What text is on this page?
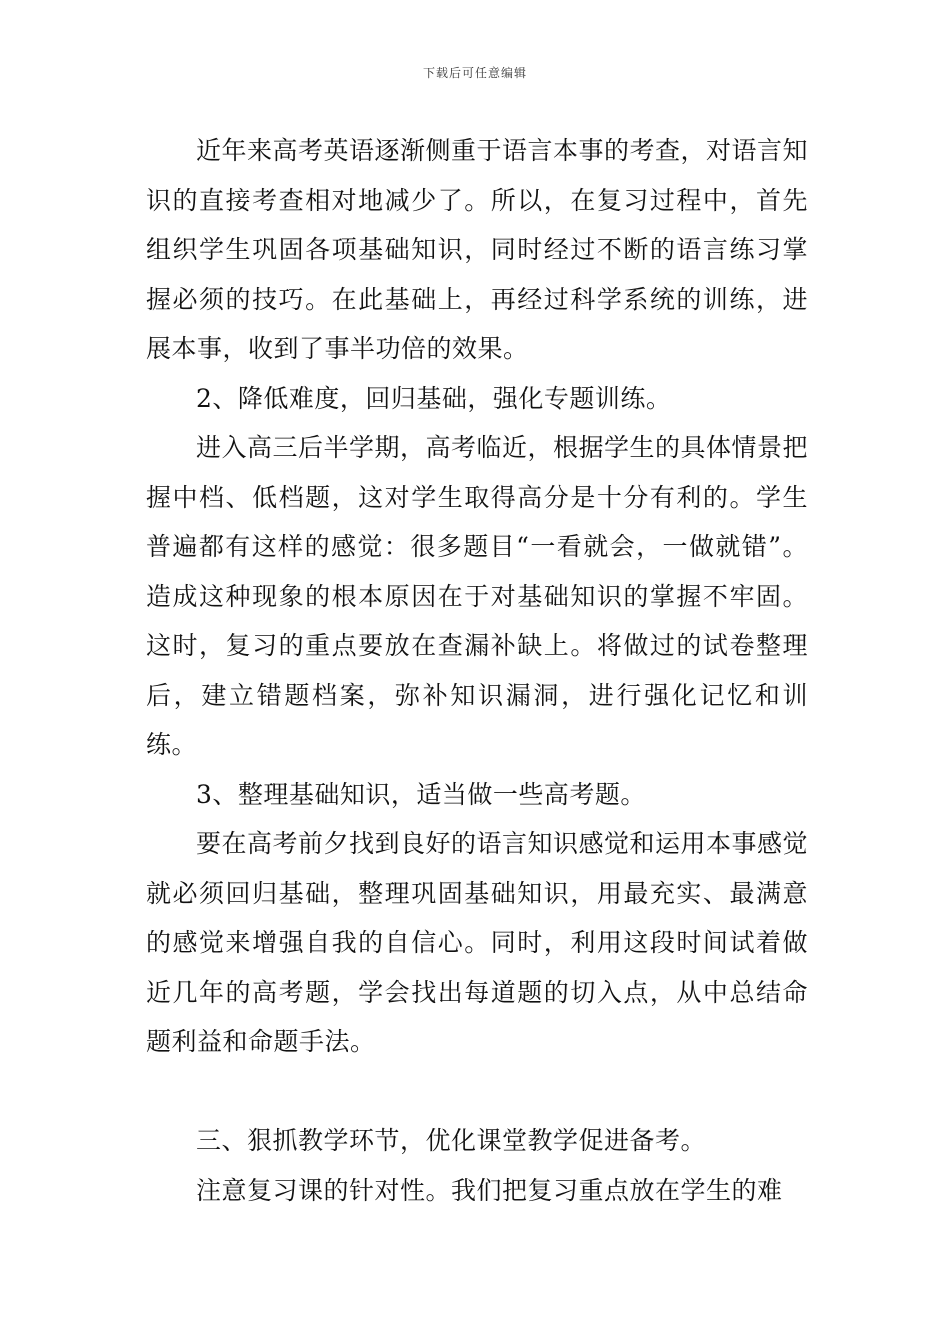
下载后可任意编辑

近年来高考英语逐渐侧重于语言本事的考查，对语言知识的直接考查相对地减少了。所以，在复习过程中，首先组织学生巩固各项基础知识，同时经过不断的语言练习掌握必须的技巧。在此基础上，再经过科学系统的训练，进展本事，收到了事半功倍的效果。

2、降低难度，回归基础，强化专题训练。

进入高三后半学期，高考临近，根据学生的具体情景把握中档、低档题，这对学生取得高分是十分有利的。学生普遍都有这样的感觉：很多题目“一看就会，一做就错”。造成这种现象的根本原因在于对基础知识的掌握不牢固。这时，复习的重点要放在查漏补缺上。将做过的试卷整理后，建立错题档案，弥补知识漏洞，进行强化记忆和训练。

3、整理基础知识，适当做一些高考题。

要在高考前夕找到良好的语言知识感觉和运用本事感觉就必须回归基础，整理巩固基础知识，用最充实、最满意的感觉来增强自我的自信心。同时，利用这段时间试着做近几年的高考题，学会找出每道题的切入点，从中总结命题利益和命题手法。

三、狠抓教学环节，优化课堂教学促进备考。

注意复习课的针对性。我们把复习重点放在学生的难
